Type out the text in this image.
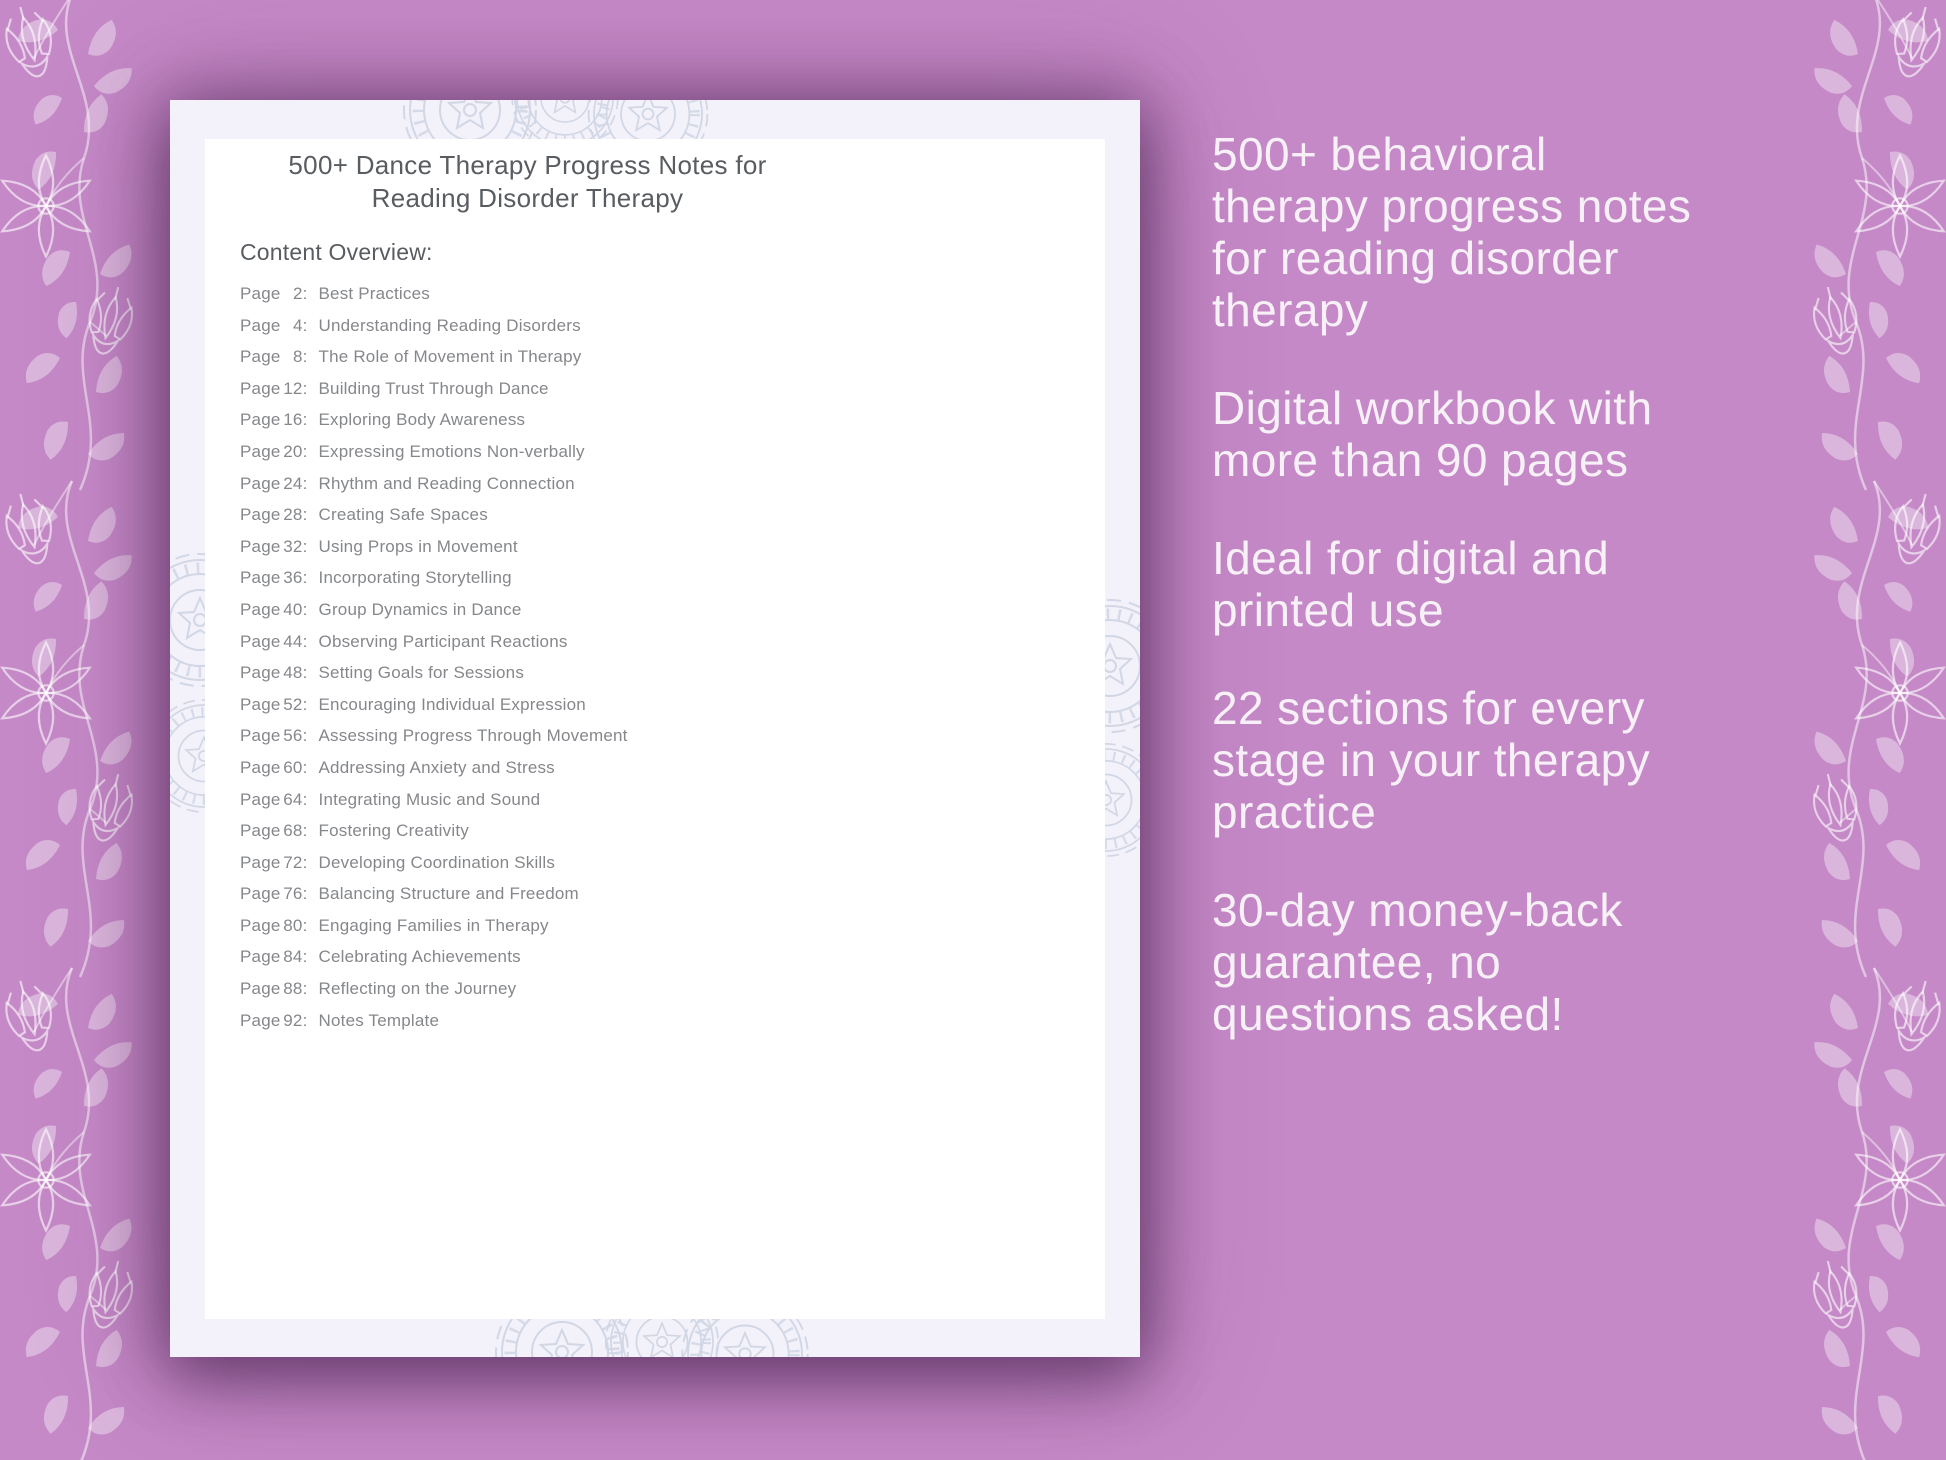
500+ Dance Therapy Progress Notes for
Reading Disorder Therapy
Content Overview:
Page 2: Best Practices
Page 4: Understanding Reading Disorders
Page 8: The Role of Movement in Therapy
Page 12: Building Trust Through Dance
Page 16: Exploring Body Awareness
Page 20: Expressing Emotions Non-verbally
Page 24: Rhythm and Reading Connection
Page 28: Creating Safe Spaces
Page 32: Using Props in Movement
Page 36: Incorporating Storytelling
Page 40: Group Dynamics in Dance
Page 44: Observing Participant Reactions
Page 48: Setting Goals for Sessions
Page 52: Encouraging Individual Expression
Page 56: Assessing Progress Through Movement
Page 60: Addressing Anxiety and Stress
Page 64: Integrating Music and Sound
Page 68: Fostering Creativity
Page 72: Developing Coordination Skills
Page 76: Balancing Structure and Freedom
Page 80: Engaging Families in Therapy
Page 84: Celebrating Achievements
Page 88: Reflecting on the Journey
Page 92: Notes Template

500+ behavioral
therapy progress notes
for reading disorder
therapy

Digital workbook with
more than 90 pages

Ideal for digital and
printed use

22 sections for every
stage in your therapy
practice

30-day money-back
guarantee, no
questions asked!
